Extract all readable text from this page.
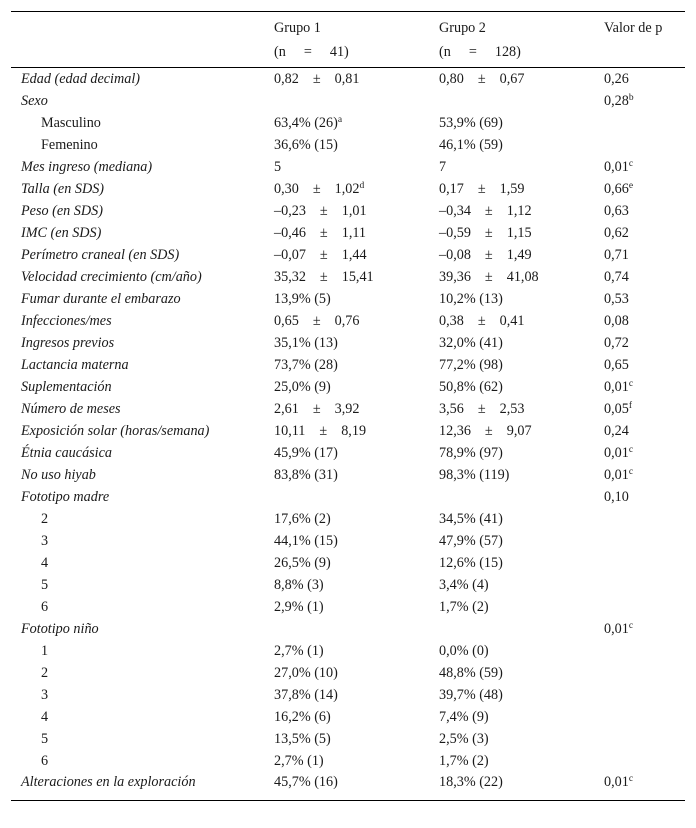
	Grupo 1	Grupo 2	Valor de p
	(n = 41)	(n = 128)	
Edad (edad decimal)	0,82 ± 0,81	0,80 ± 0,67	0,26
Sexo			0,28$^b$
Masculino	63,4% $(26)^a$	53,9% (69)	
Femenino	36,6% (15)	46,1% (59)	
Mes ingreso (mediana)	5	7	0,01$^c$
Talla (en SDS)	0,30 ± 1,02$^d$	0,17 ± 1,59	0,66e
Peso (en SDS)	–0,23 ± 1,01	–0,34 ± 1,12	0,63
IMC (en SDS)	–0,46 ± 1,11	–0,59 ± 1,15	0,62
Perímetro craneal (en SDS)	–0,07 ± 1,44	–0,08 ± 1,49	0,71
Velocidad crecimiento (cm/año)	35,32 ± 15,41	39,36 ± 41,08	0,74
Fumar durante el embarazo	13,9% (5)	10,2% (13)	0,53
Infecciones/mes	0,65 ± 0,76	0,38 ± 0,41	0,08
Ingresos previos	35,1% (13)	32,0% (41)	0,72
Lactancia materna	73,7% (28)	77,2% (98)	0,65
Suplementación	25,0% (9)	50,8% (62)	0,01$^c$
Número de meses	2,61 ± 3,92	3,56 ± 2,53	0,05$^f$
Exposición solar (horas/semana)	10,11 ± 8,19	12,36 ± 9,07	0,24
Étnia caucásica	45,9% (17)	78,9% (97)	0,01$^c$
No uso hiyab	83,8% (31)	98,3% (119)	0,01$^c$
Fototipo madre			0,10
2	17,6% (2)	34,5% (41)	
3	44,1% (15)	47,9% (57)	
4	26,5% (9)	12,6% (15)	
5	8,8% (3)	3,4% (4)	
6	2,9% (1)	1,7% (2)	
Fototipo niño			0,01$^c$
1	2,7% (1)	0,0% (0)	
2	27,0% (10)	48,8% (59)	
3	37,8% (14)	39,7% (48)	
4	16,2% (6)	7,4% (9)	
5	13,5% (5)	2,5% (3)	
6	2,7% (1)	1,7% (2)	
Alteraciones en la exploración	45,7% (16)	18,3% (22)	0,01$^c$
